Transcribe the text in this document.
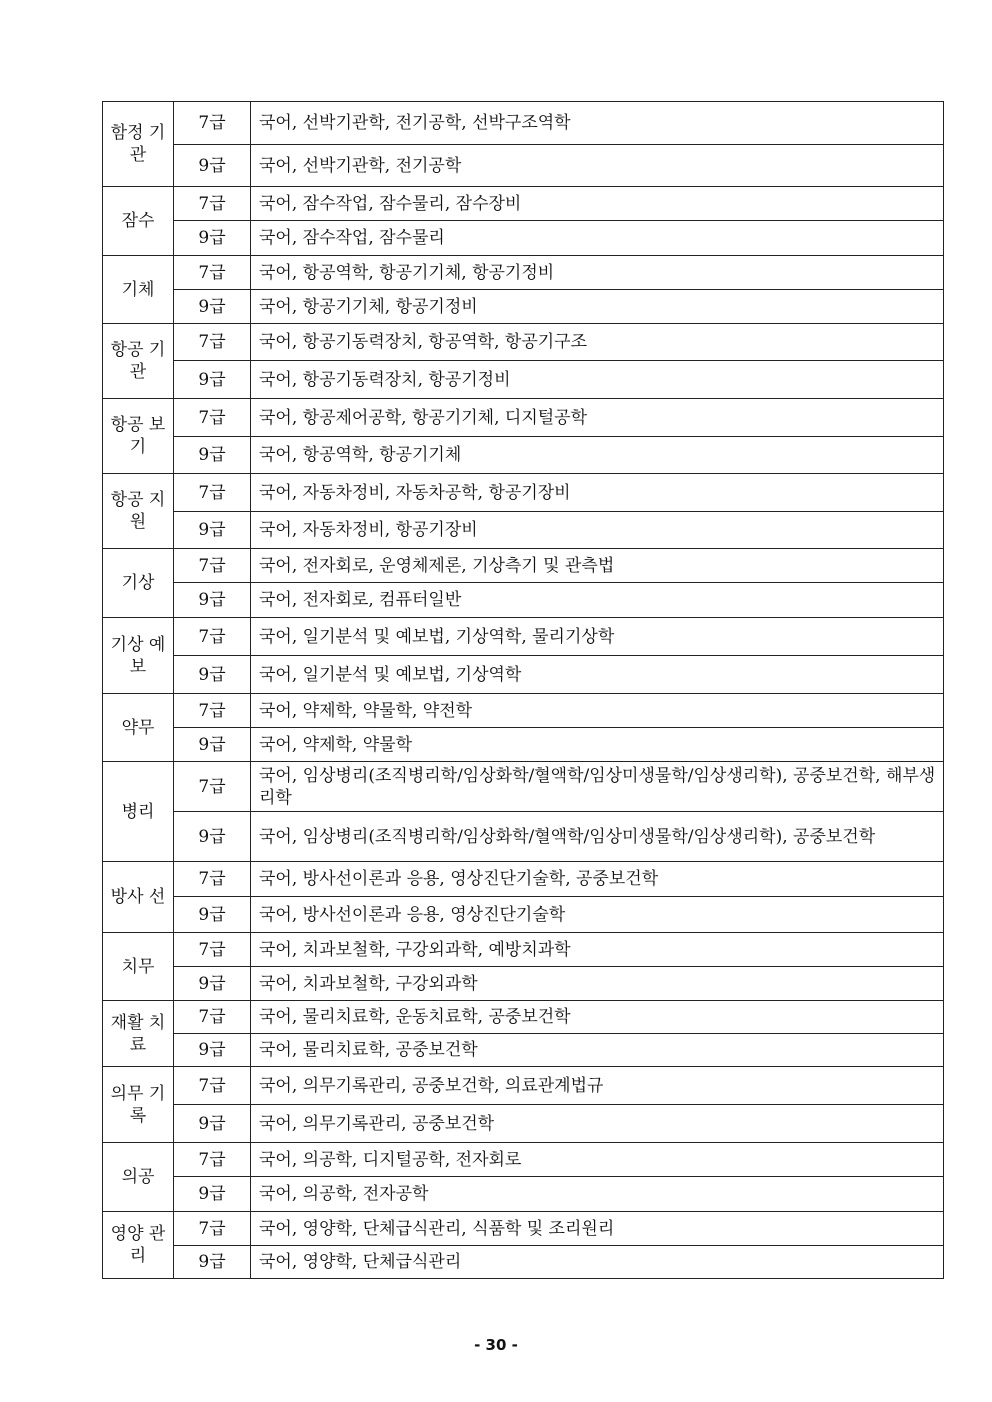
함정 기관	7급	국어, 선박기관학, 전기공학, 선박구조역학
	9급	국어, 선박기관학, 전기공학
잠수	7급	국어, 잠수작업, 잠수물리, 잠수장비
	9급	국어, 잠수작업, 잠수물리
기체	7급	국어, 항공역학, 항공기기체, 항공기정비
	9급	국어, 항공기기체, 항공기정비
항공 기관	7급	국어, 항공기동력장치, 항공역학, 항공기구조
	9급	국어, 항공기동력장치, 항공기정비
항공 보기	7급	국어, 항공제어공학, 항공기기체, 디지털공학
	9급	국어, 항공역학, 항공기기체
항공 지원	7급	국어, 자동차정비, 자동차공학, 항공기장비
	9급	국어, 자동차정비, 항공기장비
기상	7급	국어, 전자회로, 운영체제론, 기상측기 및 관측법
	9급	국어, 전자회로, 컴퓨터일반
기상 예보	7급	국어, 일기분석 및 예보법, 기상역학, 물리기상학
	9급	국어, 일기분석 및 예보법, 기상역학
약무	7급	국어, 약제학, 약물학, 약전학
	9급	국어, 약제학, 약물학
병리	7급	국어, 임상병리(조직병리학/임상화학/혈액학/임상미생물학/임상생리학), 공중보건학, 해부생리학
	9급	국어, 임상병리(조직병리학/임상화학/혈액학/임상미생물학/임상생리학), 공중보건학
방사 선	7급	국어, 방사선이론과 응용, 영상진단기술학, 공중보건학
	9급	국어, 방사선이론과 응용, 영상진단기술학
치무	7급	국어, 치과보철학, 구강외과학, 예방치과학
	9급	국어, 치과보철학, 구강외과학
재활 치료	7급	국어, 물리치료학, 운동치료학, 공중보건학
	9급	국어, 물리치료학, 공중보건학
의무 기록	7급	국어, 의무기록관리, 공중보건학, 의료관계법규
	9급	국어, 의무기록관리, 공중보건학
의공	7급	국어, 의공학, 디지털공학, 전자회로
	9급	국어, 의공학, 전자공학
영양 관리	7급	국어, 영양학, 단체급식관리, 식품학 및 조리원리
	9급	국어, 영양학, 단체급식관리
- 30 -
